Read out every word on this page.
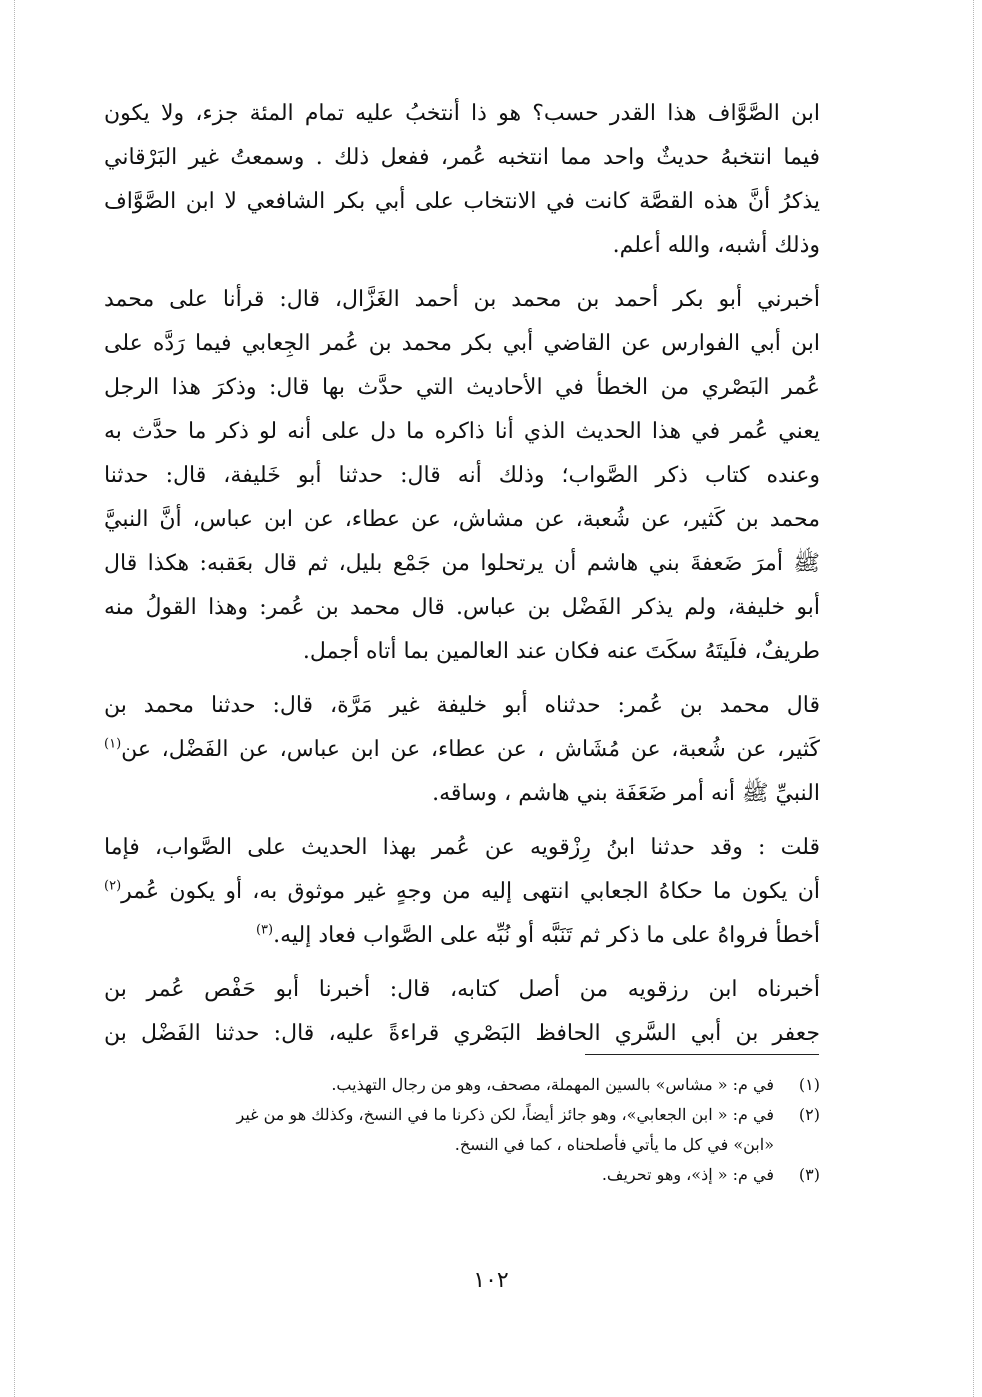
ابن الصَّوَّاف هذا القدر حسب؟ هو ذا أنتخبُ عليه تمام المئة جزء، ولا يكون
فيما انتخبهُ حديثٌ واحد مما انتخبه عُمر، ففعل ذلك . وسمعتُ غير البَرْقاني
يذكرُ أنَّ هذه القصَّة كانت في الانتخاب على أبي بكر الشافعي لا ابن الصَّوَّاف
وذلك أشبه، والله أعلم.
أخبرني أبو بكر أحمد بن محمد بن أحمد الغَزَّال، قال: قرأنا على محمد
ابن أبي الفوارس عن القاضي أبي بكر محمد بن عُمر الجِعابي فيما رَدَّه على
عُمر البَصْري من الخطأ في الأحاديث التي حدَّث بها قال: وذكرَ هذا الرجل
يعني عُمر في هذا الحديث الذي أنا ذاكره ما دل على أنه لو ذكر ما حدَّث به
وعنده كتاب ذكر الصَّواب؛ وذلك أنه قال: حدثنا أبو خَليفة، قال: حدثنا
محمد بن كَثير، عن شُعبة، عن مشاش، عن عطاء، عن ابن عباس، أنَّ النبيَّ
ﷺ أمرَ ضَعفةَ بني هاشم أن يرتحلوا من جَمْع بليل، ثم قال بعَقبه: هكذا قال
أبو خليفة، ولم يذكر الفَضْل بن عباس. قال محمد بن عُمر: وهذا القولُ منه
طريفٌ، فلَيتَهُ سكَتَ عنه فكان عند العالمين بما أتاه أجمل.
قال محمد بن عُمر: حدثناه أبو خليفة غير مَرَّة، قال: حدثنا محمد بن
كَثير، عن شُعبة، عن مُشَاش ، عن عطاء، عن ابن عباس، عن الفَضْل، عن$^{(١)}$
النبيِّ ﷺ أنه أمر ضَعَفَة بني هاشم ، وساقه.
قلت : وقد حدثنا ابنُ رِزْقويه عن عُمر بهذا الحديث على الصَّواب، فإما
أن يكون ما حكاهُ الجعابي انتهى إليه من وجهٍ غير موثوق به، أو يكون عُمر$^{(٢)}$
أخطأ فرواهُ على ما ذكر ثم تَنَبَّه أو نُبِّه على الصَّواب فعاد إليه.$^{(٣)}$
أخبرناه ابن رزقويه من أصل كتابه، قال: أخبرنا أبو حَفْص عُمر بن
جعفر بن أبي السَّري الحافظ البَصْري قراءةً عليه، قال: حدثنا الفَضْل بن
(١)
في م: « مشاس» بالسين المهملة، مصحف، وهو من رجال التهذيب.
(٢)
في م: « ابن الجعابي»، وهو جائز أيضاً، لكن ذكرنا ما في النسخ، وكذلك هو من غير
«ابن» في كل ما يأتي فأصلحناه ، كما في النسخ.
(٣)
في م: « إذ»، وهو تحريف.
١٠٢
